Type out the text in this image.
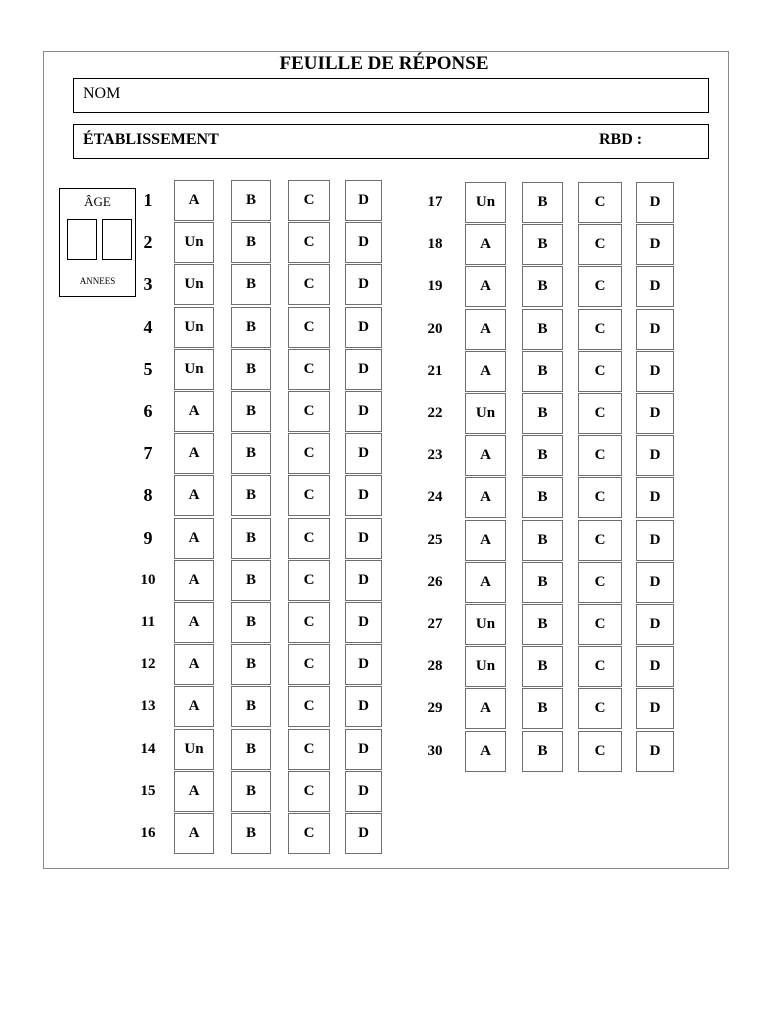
FEUILLE DE RÉPONSE
NOM
ÉTABLISSEMENT	RBD :
ÂGE
ANNEES
1	A	B	C	D
2	Un	B	C	D
3	Un	B	C	D
4	Un	B	C	D
5	Un	B	C	D
6	A	B	C	D
7	A	B	C	D
8	A	B	C	D
9	A	B	C	D
10	A	B	C	D
11	A	B	C	D
12	A	B	C	D
13	A	B	C	D
14	Un	B	C	D
15	A	B	C	D
16	A	B	C	D
17	Un	B	C	D
18	A	B	C	D
19	A	B	C	D
20	A	B	C	D
21	A	B	C	D
22	Un	B	C	D
23	A	B	C	D
24	A	B	C	D
25	A	B	C	D
26	A	B	C	D
27	Un	B	C	D
28	Un	B	C	D
29	A	B	C	D
30	A	B	C	D
